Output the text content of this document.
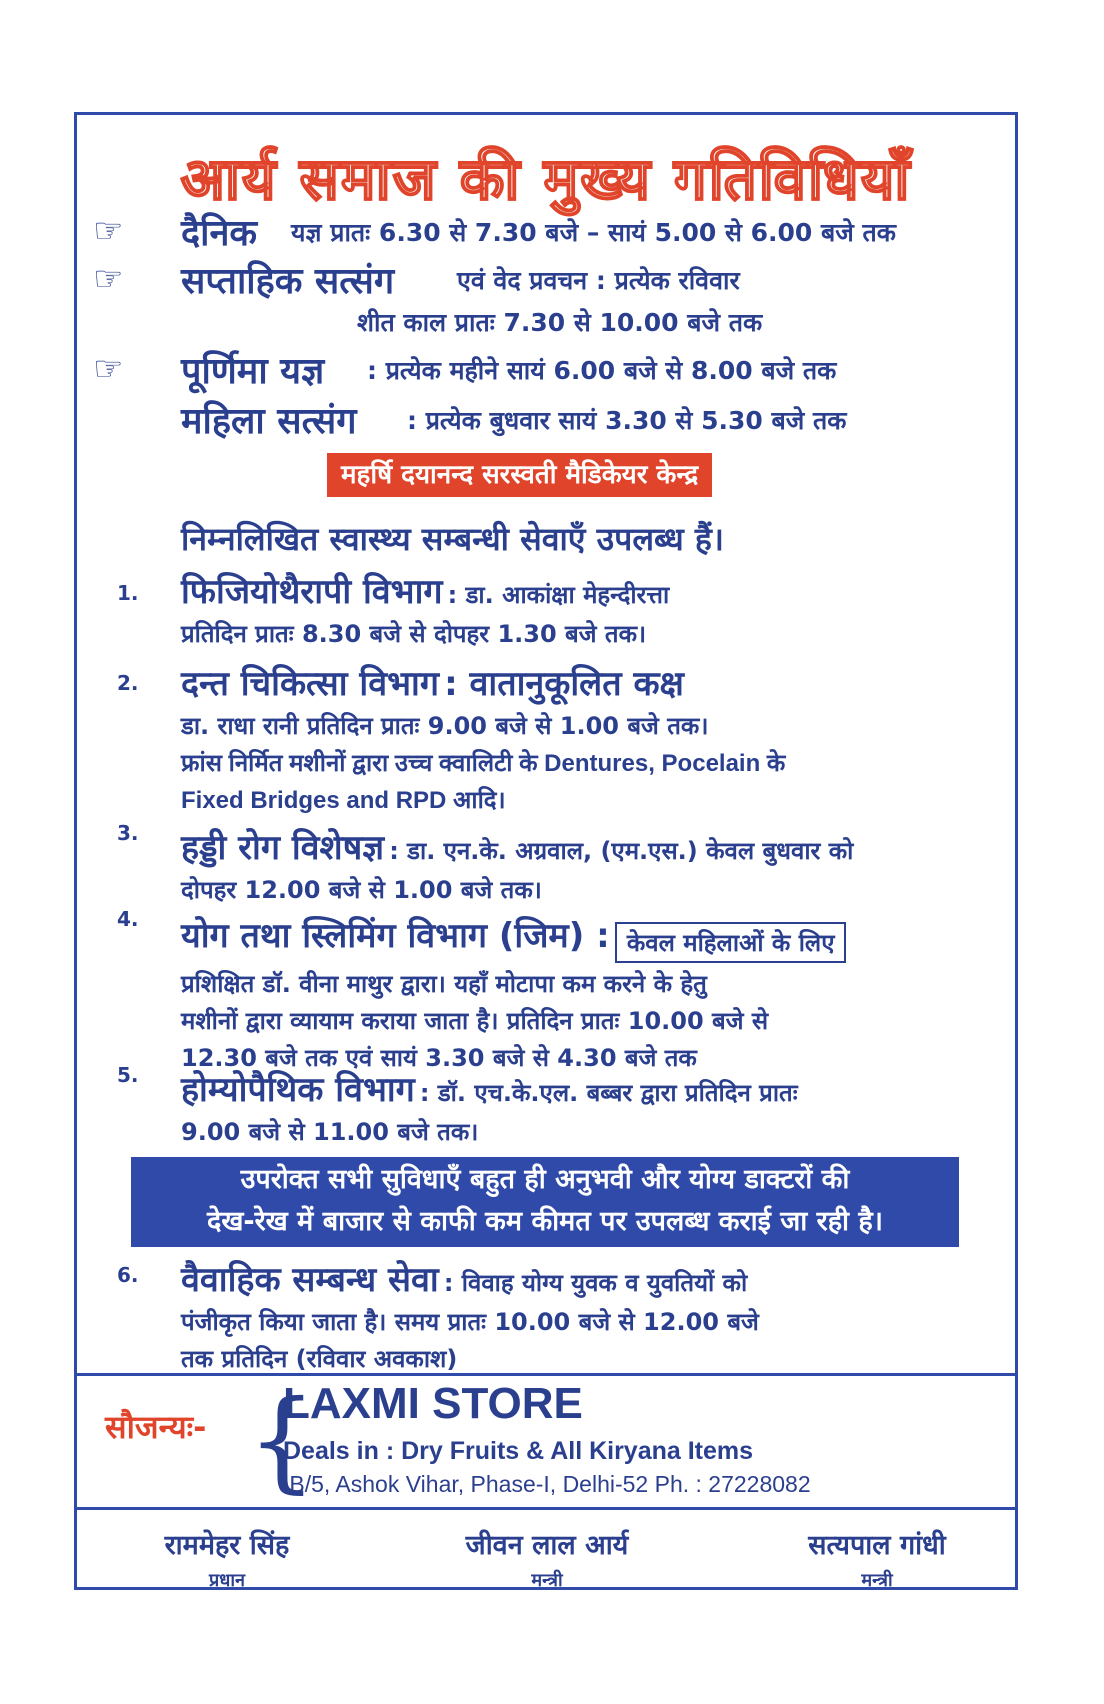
आर्य समाज की मुख्य गतिविधियाँ
☞ दैनिक यज्ञ प्रातः 6.30 से 7.30 बजे – सायं 5.00 से 6.00 बजे तक
☞ सप्ताहिक सत्संग	एवं वेद प्रवचन : प्रत्येक रविवार
शीत काल प्रातः 7.30 से 10.00 बजे तक
☞ पूर्णिमा यज्ञ : प्रत्येक महीने सायं 6.00 बजे से 8.00 बजे तक
महिला सत्संग : प्रत्येक बुधवार सायं 3.30 से 5.30 बजे तक
महर्षि दयानन्द सरस्वती मैडिकेयर केन्द्र
निम्नलिखित स्वास्थ्य सम्बन्धी सेवाएँ उपलब्ध हैं।
1. फिजियोथैरापी विभाग : डा. आकांक्षा मेहन्दीरत्ता
प्रतिदिन प्रातः 8.30 बजे से दोपहर 1.30 बजे तक।
2. दन्त चिकित्सा विभाग : वातानुकूलित कक्ष
डा. राधा रानी प्रतिदिन प्रातः 9.00 बजे से 1.00 बजे तक।
फ्रांस निर्मित मशीनों द्वारा उच्च क्वालिटी के Dentures, Pocelain के
Fixed Bridges and RPD आदि।
3. हड्डी रोग विशेषज्ञ : डा. एन.के. अग्रवाल, (एम.एस.) केवल बुधवार को
दोपहर 12.00 बजे से 1.00 बजे तक।
4. योग तथा स्लिमिंग विभाग (जिम) : केवल महिलाओं के लिए
प्रशिक्षित डॉ. वीना माथुर द्वारा। यहाँ मोटापा कम करने के हेतु
मशीनों द्वारा व्यायाम कराया जाता है। प्रतिदिन प्रातः 10.00 बजे से
12.30 बजे तक एवं सायं 3.30 बजे से 4.30 बजे तक
5. होम्योपैथिक विभाग : डॉ. एच.के.एल. बब्बर द्वारा प्रतिदिन प्रातः
9.00 बजे से 11.00 बजे तक।
उपरोक्त सभी सुविधाएँ बहुत ही अनुभवी और योग्य डाक्टरों की
देख-रेख में बाजार से काफी कम कीमत पर उपलब्ध कराई जा रही है।
6. वैवाहिक सम्बन्ध सेवा : विवाह योग्य युवक व युवतियों को
पंजीकृत किया जाता है। समय प्रातः 10.00 बजे से 12.00 बजे
तक प्रतिदिन (रविवार अवकाश)
सौजन्यः- {
LAXMI STORE
Deals in : Dry Fruits & All Kiryana Items
IB/5, Ashok Vihar, Phase-I, Delhi-52 Ph. : 27228082
राममेहर सिंह
प्रधान
जीवन लाल आर्य
मन्त्री
सत्यपाल गांधी
मन्त्री
